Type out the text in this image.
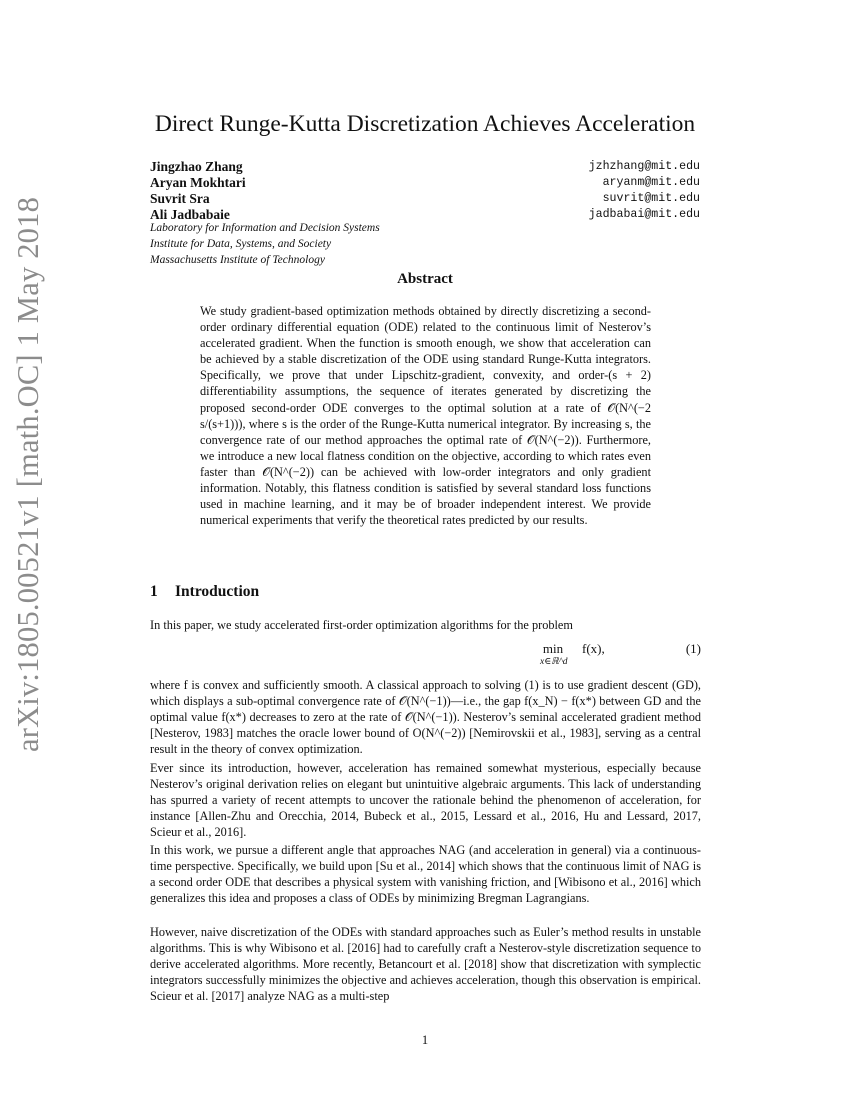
arXiv:1805.00521v1 [math.OC] 1 May 2018
Direct Runge-Kutta Discretization Achieves Acceleration
Jingzhao Zhang	jzhzhang@mit.edu
Aryan Mokhtari	aryanm@mit.edu
Suvrit Sra	suvrit@mit.edu
Ali Jadbabaie	jadbabai@mit.edu
Laboratory for Information and Decision Systems
Institute for Data, Systems, and Society
Massachusetts Institute of Technology
Abstract
We study gradient-based optimization methods obtained by directly discretizing a second-order ordinary differential equation (ODE) related to the continuous limit of Nesterov’s accelerated gradient. When the function is smooth enough, we show that acceleration can be achieved by a stable discretization of the ODE using standard Runge-Kutta integrators. Specifically, we prove that under Lipschitz-gradient, convexity, and order-(s + 2) differentiability assumptions, the sequence of iterates generated by discretizing the proposed second-order ODE converges to the optimal solution at a rate of 𝒪(N^(−2 s/(s+1))), where s is the order of the Runge-Kutta numerical integrator. By increasing s, the convergence rate of our method approaches the optimal rate of 𝒪(N^(−2)). Furthermore, we introduce a new local flatness condition on the objective, according to which rates even faster than 𝒪(N^(−2)) can be achieved with low-order integrators and only gradient information. Notably, this flatness condition is satisfied by several standard loss functions used in machine learning, and it may be of broader independent interest. We provide numerical experiments that verify the theoretical rates predicted by our results.
1 Introduction

In this paper, we study accelerated first-order optimization algorithms for the problem

min
x∈ℝ^d
f(x),	(1)

where f is convex and sufficiently smooth. A classical approach to solving (1) is to use gradient descent (GD), which displays a sub-optimal convergence rate of 𝒪(N^(−1))—i.e., the gap f(x_N) − f(x*) between GD and the optimal value f(x*) decreases to zero at the rate of 𝒪(N^(−1)). Nesterov’s seminal accelerated gradient method [Nesterov, 1983] matches the oracle lower bound of O(N^(−2)) [Nemirovskii et al., 1983], serving as a central result in the theory of convex optimization.

Ever since its introduction, however, acceleration has remained somewhat mysterious, especially because Nesterov’s original derivation relies on elegant but unintuitive algebraic arguments. This lack of understanding has spurred a variety of recent attempts to uncover the rationale behind the phenomenon of acceleration, for instance [Allen-Zhu and Orecchia, 2014, Bubeck et al., 2015, Lessard et al., 2016, Hu and Lessard, 2017, Scieur et al., 2016].

In this work, we pursue a different angle that approaches NAG (and acceleration in general) via a continuous-time perspective. Specifically, we build upon [Su et al., 2014] which shows that the continuous limit of NAG is a second order ODE that describes a physical system with vanishing friction, and [Wibisono et al., 2016] which generalizes this idea and proposes a class of ODEs by minimizing Bregman Lagrangians.

However, naive discretization of the ODEs with standard approaches such as Euler’s method results in unstable algorithms. This is why Wibisono et al. [2016] had to carefully craft a Nesterov-style discretization sequence to derive accelerated algorithms. More recently, Betancourt et al. [2018] show that discretization with symplectic integrators successfully minimizes the objective and achieves acceleration, though this observation is empirical. Scieur et al. [2017] analyze NAG as a multi-step

1
